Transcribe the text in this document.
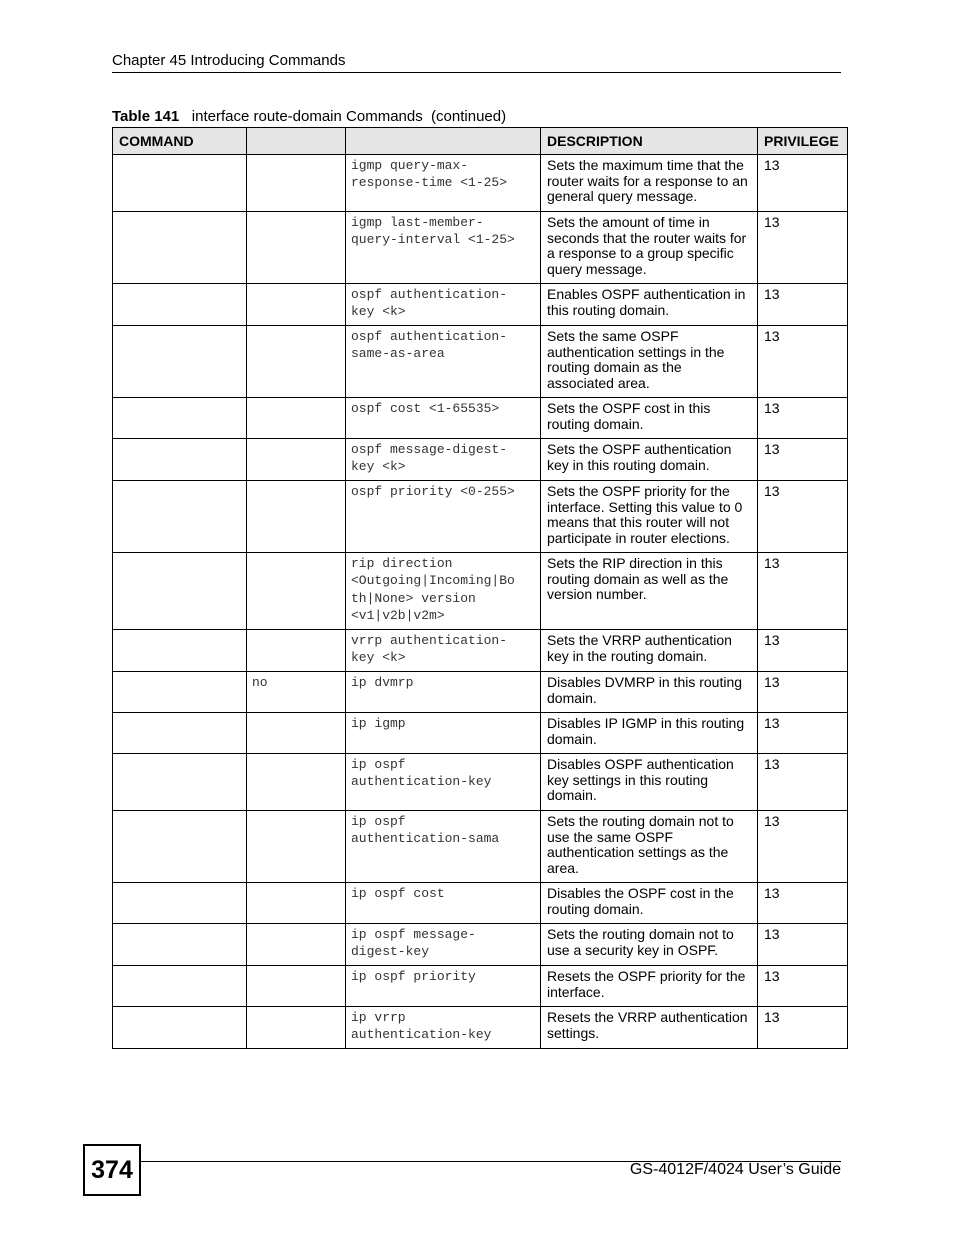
Chapter 45 Introducing Commands
Table 141 interface route-domain Commands  (continued)
COMMAND			DESCRIPTION	PRIVILEGE
		igmp query-max-
response-time <1-25>	Sets the maximum time that the router waits for a response to an general query message.	13
		igmp last-member-
query-interval <1-25>	Sets the amount of time in seconds that the router waits for a response to a group specific query message.	13
		ospf authentication-
key <k>	Enables OSPF authentication in this routing domain.	13
		ospf authentication-
same-as-area	Sets the same OSPF authentication settings in the routing domain as the associated area.	13
		ospf cost <1-65535>	Sets the OSPF cost in this routing domain.	13
		ospf message-digest-
key <k>	Sets the OSPF authentication key in this routing domain.	13
		ospf priority <0-255>	Sets the OSPF priority for the interface. Setting this value to 0 means that this router will not participate in router elections.	13
		rip direction
<Outgoing|Incoming|Bo
th|None> version
<v1|v2b|v2m>	Sets the RIP direction in this routing domain as well as the version number.	13
		vrrp authentication-
key <k>	Sets the VRRP authentication key in the routing domain.	13
	no	ip dvmrp	Disables DVMRP in this routing domain.	13
		ip igmp	Disables IP IGMP in this routing domain.	13
		ip ospf
authentication-key	Disables OSPF authentication key settings in this routing domain.	13
		ip ospf
authentication-sama	Sets the routing domain not to use the same OSPF authentication settings as the area.	13
		ip ospf cost	Disables the OSPF cost in the routing domain.	13
		ip ospf message-
digest-key	Sets the routing domain not to use a security key in OSPF.	13
		ip ospf priority	Resets the OSPF priority for the interface.	13
		ip vrrp
authentication-key	Resets the VRRP authentication settings.	13
374	GS-4012F/4024 User’s Guide
